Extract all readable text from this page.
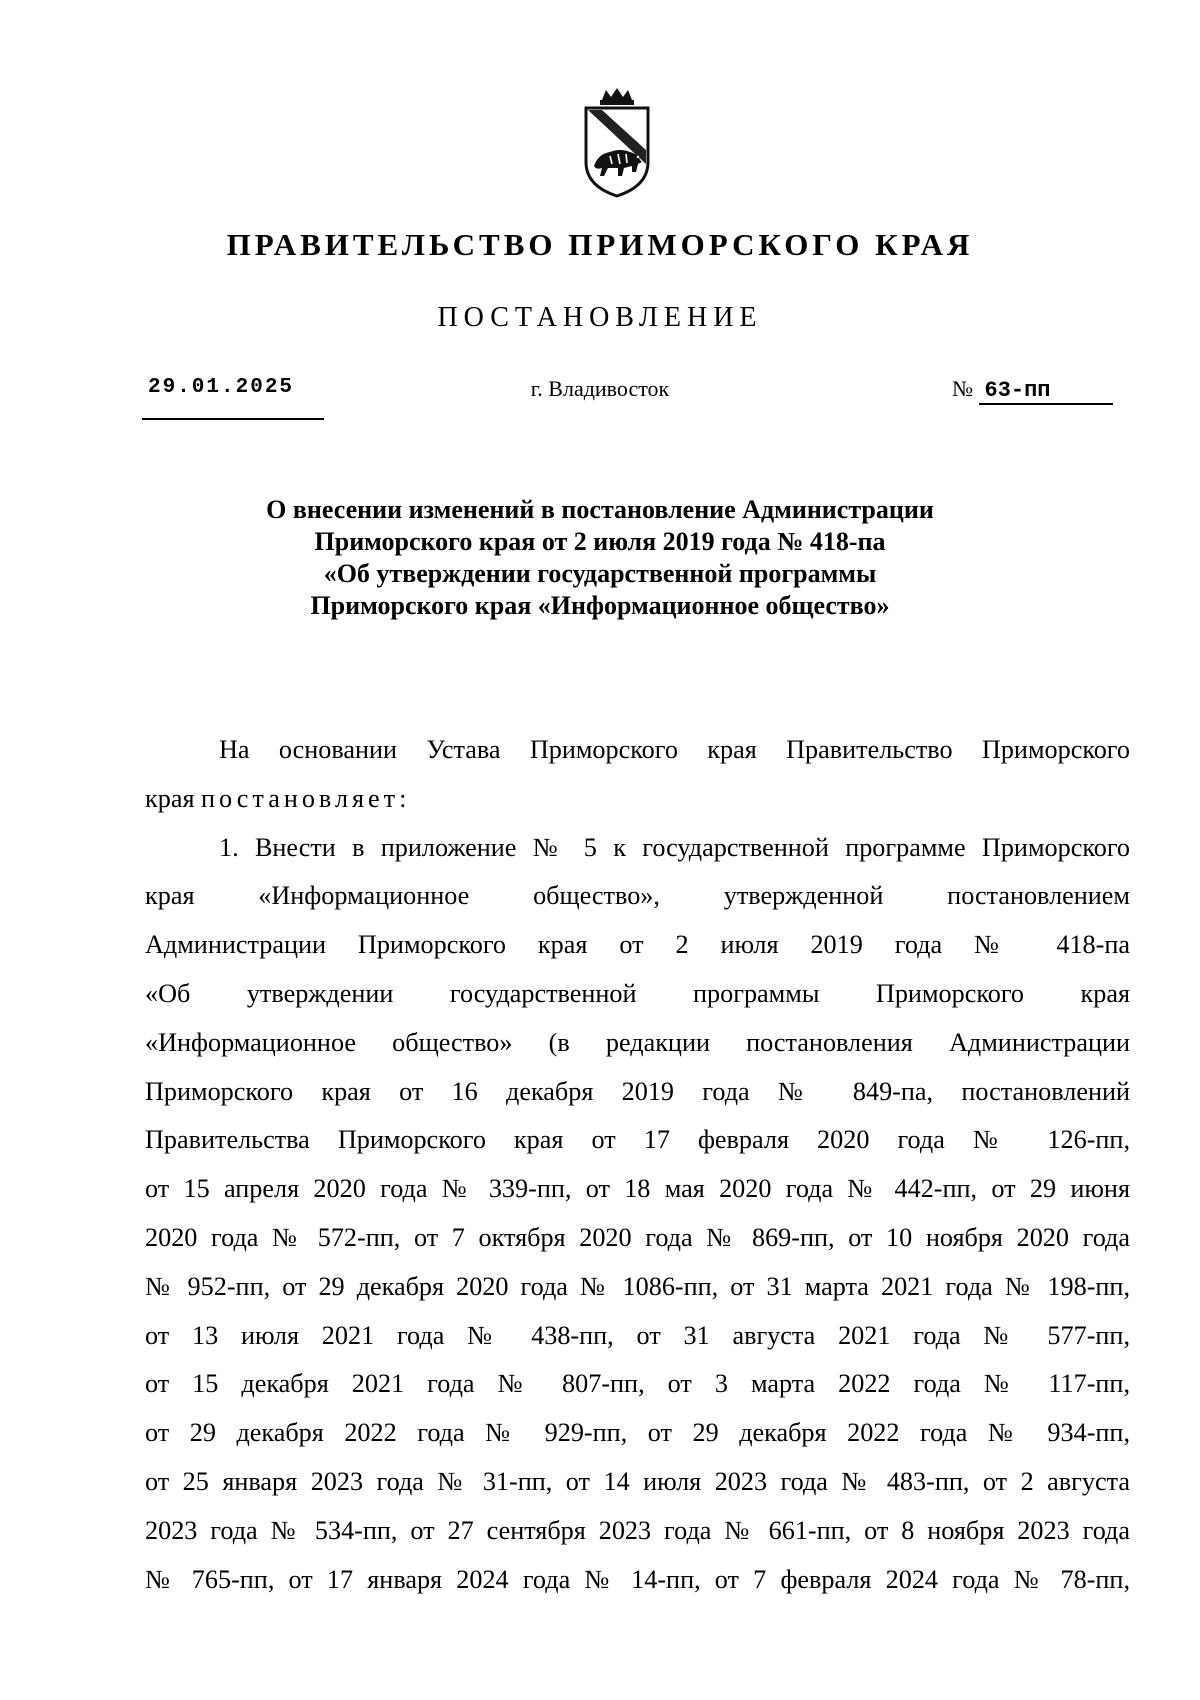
ПРАВИТЕЛЬСТВО ПРИМОРСКОГО КРАЯ
ПОСТАНОВЛЕНИЕ
29.01.2025	г. Владивосток	№ 63-пп
О внесении изменений в постановление Администрации
Приморского края от 2 июля 2019 года № 418-па
«Об утверждении государственной программы
Приморского края «Информационное общество»
На основании Устава Приморского края Правительство Приморского
края постановляет:
1. Внести в приложение № 5 к государственной программе Приморского
края «Информационное общество», утвержденной постановлением
Администрации Приморского края от 2 июля 2019 года № 418-па
«Об утверждении государственной программы Приморского края
«Информационное общество» (в редакции постановления Администрации
Приморского края от 16 декабря 2019 года № 849-па, постановлений
Правительства Приморского края от 17 февраля 2020 года № 126-пп,
от 15 апреля 2020 года № 339-пп, от 18 мая 2020 года № 442-пп, от 29 июня
2020 года № 572-пп, от 7 октября 2020 года № 869-пп, от 10 ноября 2020 года
№ 952-пп, от 29 декабря 2020 года № 1086-пп, от 31 марта 2021 года № 198-пп,
от 13 июля 2021 года № 438-пп, от 31 августа 2021 года № 577-пп,
от 15 декабря 2021 года № 807-пп, от 3 марта 2022 года № 117-пп,
от 29 декабря 2022 года № 929-пп, от 29 декабря 2022 года № 934-пп,
от 25 января 2023 года № 31-пп, от 14 июля 2023 года № 483-пп, от 2 августа
2023 года № 534-пп, от 27 сентября 2023 года № 661-пп, от 8 ноября 2023 года
№ 765-пп, от 17 января 2024 года № 14-пп, от 7 февраля 2024 года № 78-пп,
